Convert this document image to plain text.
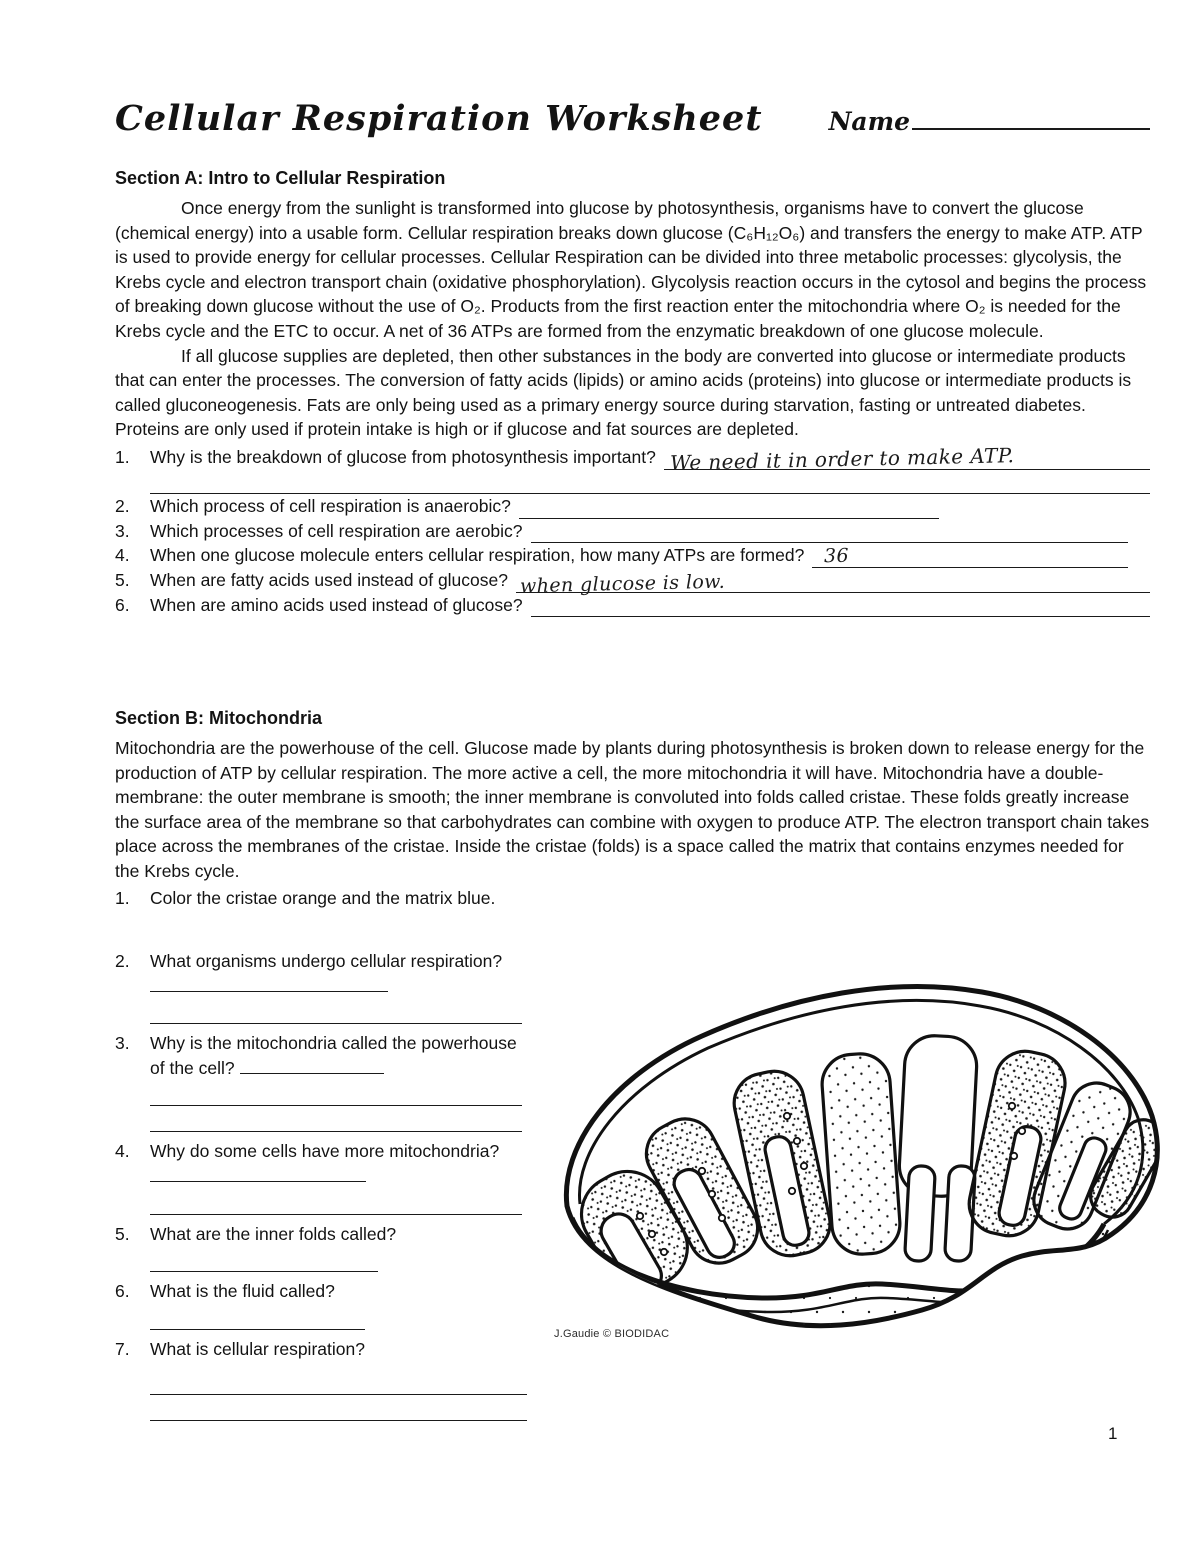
Cellular Respiration Worksheet	Name
Section A: Intro to Cellular Respiration

Once energy from the sunlight is transformed into glucose by photosynthesis, organisms have to convert the glucose (chemical energy) into a usable form. Cellular respiration breaks down glucose (C₆H₁₂O₆) and transfers the energy to make ATP. ATP is used to provide energy for cellular processes. Cellular Respiration can be divided into three metabolic processes: glycolysis, the Krebs cycle and electron transport chain (oxidative phosphorylation). Glycolysis reaction occurs in the cytosol and begins the process of breaking down glucose without the use of O₂. Products from the first reaction enter the mitochondria where O₂ is needed for the Krebs cycle and the ETC to occur. A net of 36 ATPs are formed from the enzymatic breakdown of one glucose molecule.

If all glucose supplies are depleted, then other substances in the body are converted into glucose or intermediate products that can enter the processes. The conversion of fatty acids (lipids) or amino acids (proteins) into glucose or intermediate products is called gluconeogenesis. Fats are only being used as a primary energy source during starvation, fasting or untreated diabetes. Proteins are only used if protein intake is high or if glucose and fat sources are depleted.

1.	Why is the breakdown of glucose from photosynthesis important? We need it in order to make ATP.
2.	Which process of cell respiration is anaerobic?
3.	Which processes of cell respiration are aerobic?
4.	When one glucose molecule enters cellular respiration, how many ATPs are formed?	36
5.	When are fatty acids used instead of glucose? when glucose is low.
6.	When are amino acids used instead of glucose?
Section B: Mitochondria

Mitochondria are the powerhouse of the cell. Glucose made by plants during photosynthesis is broken down to release energy for the production of ATP by cellular respiration. The more active a cell, the more mitochondria it will have. Mitochondria have a double-membrane: the outer membrane is smooth; the inner membrane is convoluted into folds called cristae. These folds greatly increase the surface area of the membrane so that carbohydrates can combine with oxygen to produce ATP. The electron transport chain takes place across the membranes of the cristae. Inside the cristae (folds) is a space called the matrix that contains enzymes needed for the Krebs cycle.

1.	Color the cristae orange and the matrix blue.
2.	What organisms undergo cellular respiration?
3.	Why is the mitochondria called the powerhouse of the cell?
4.	Why do some cells have more mitochondria?
5.	What are the inner folds called?
6.	What is the fluid called?
7.	What is cellular respiration?
J.Gaudie © BIODIDAC
1
